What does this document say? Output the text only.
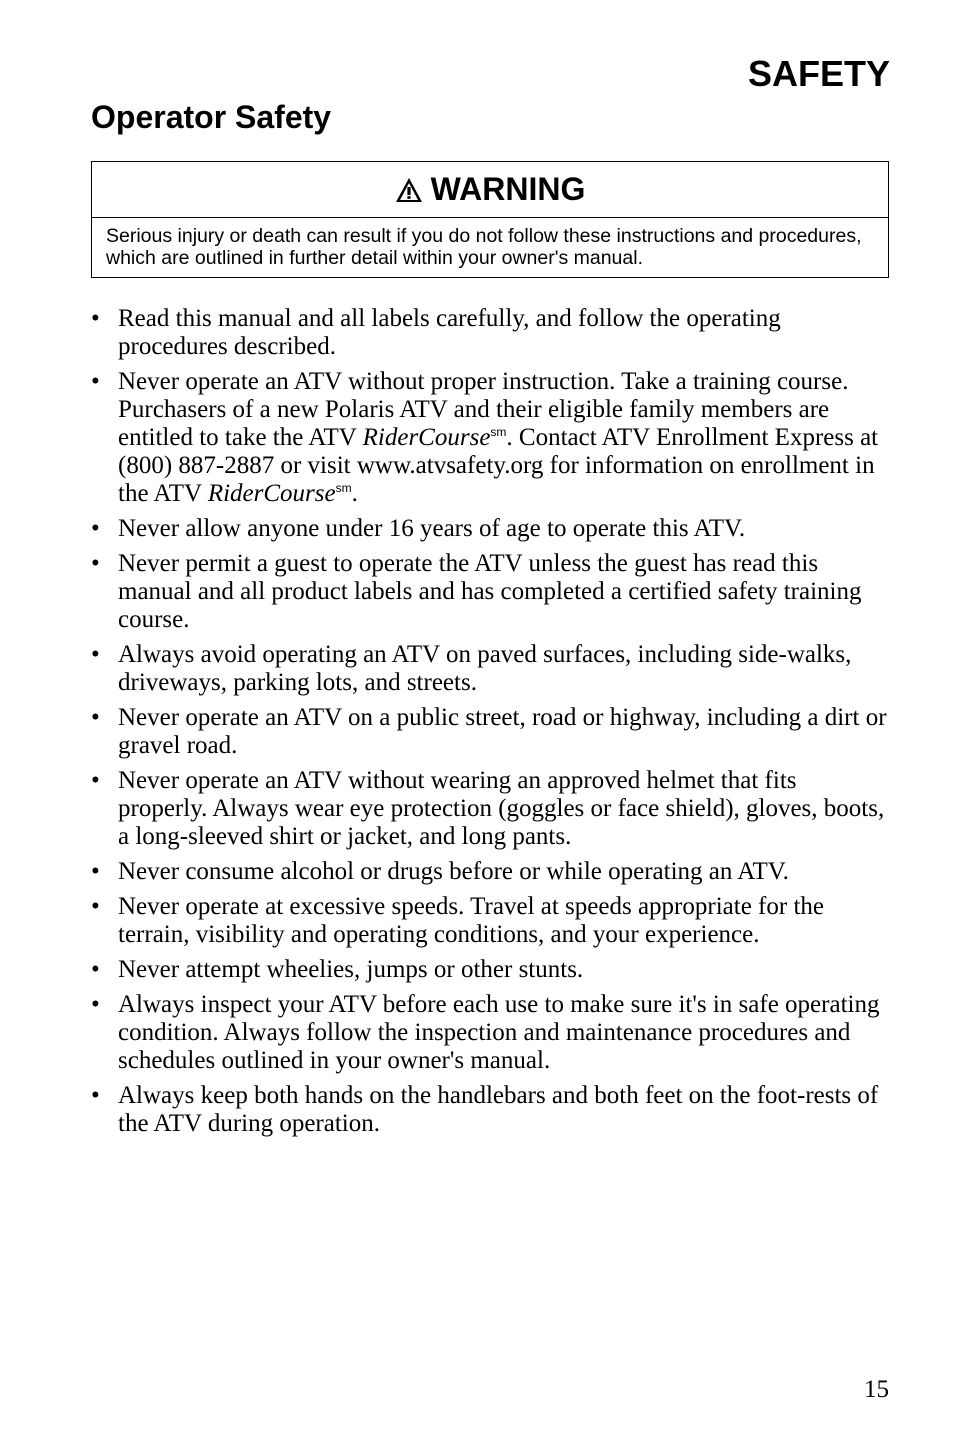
SAFETY
Operator Safety
WARNING
Serious injury or death can result if you do not follow these instructions and procedures, which are outlined in further detail within your owner's manual.
• Read this manual and all labels carefully, and follow the operating procedures described.
• Never operate an ATV without proper instruction. Take a training course. Purchasers of a new Polaris ATV and their eligible family members are entitled to take the ATV RiderCourse$^{sm}$. Contact ATV Enrollment Express at (800) 887-2887 or visit www.atvsafety.org for information on enrollment in the ATV RiderCourse$^{sm}$.
• Never allow anyone under 16 years of age to operate this ATV.
• Never permit a guest to operate the ATV unless the guest has read this manual and all product labels and has completed a certified safety training course.
• Always avoid operating an ATV on paved surfaces, including side-walks, driveways, parking lots, and streets.
• Never operate an ATV on a public street, road or highway, including a dirt or gravel road.
• Never operate an ATV without wearing an approved helmet that fits properly. Always wear eye protection (goggles or face shield), gloves, boots, a long-sleeved shirt or jacket, and long pants.
• Never consume alcohol or drugs before or while operating an ATV.
• Never operate at excessive speeds. Travel at speeds appropriate for the terrain, visibility and operating conditions, and your experience.
• Never attempt wheelies, jumps or other stunts.
• Always inspect your ATV before each use to make sure it's in safe operating condition. Always follow the inspection and maintenance procedures and schedules outlined in your owner's manual.
• Always keep both hands on the handlebars and both feet on the foot-rests of the ATV during operation.
15
